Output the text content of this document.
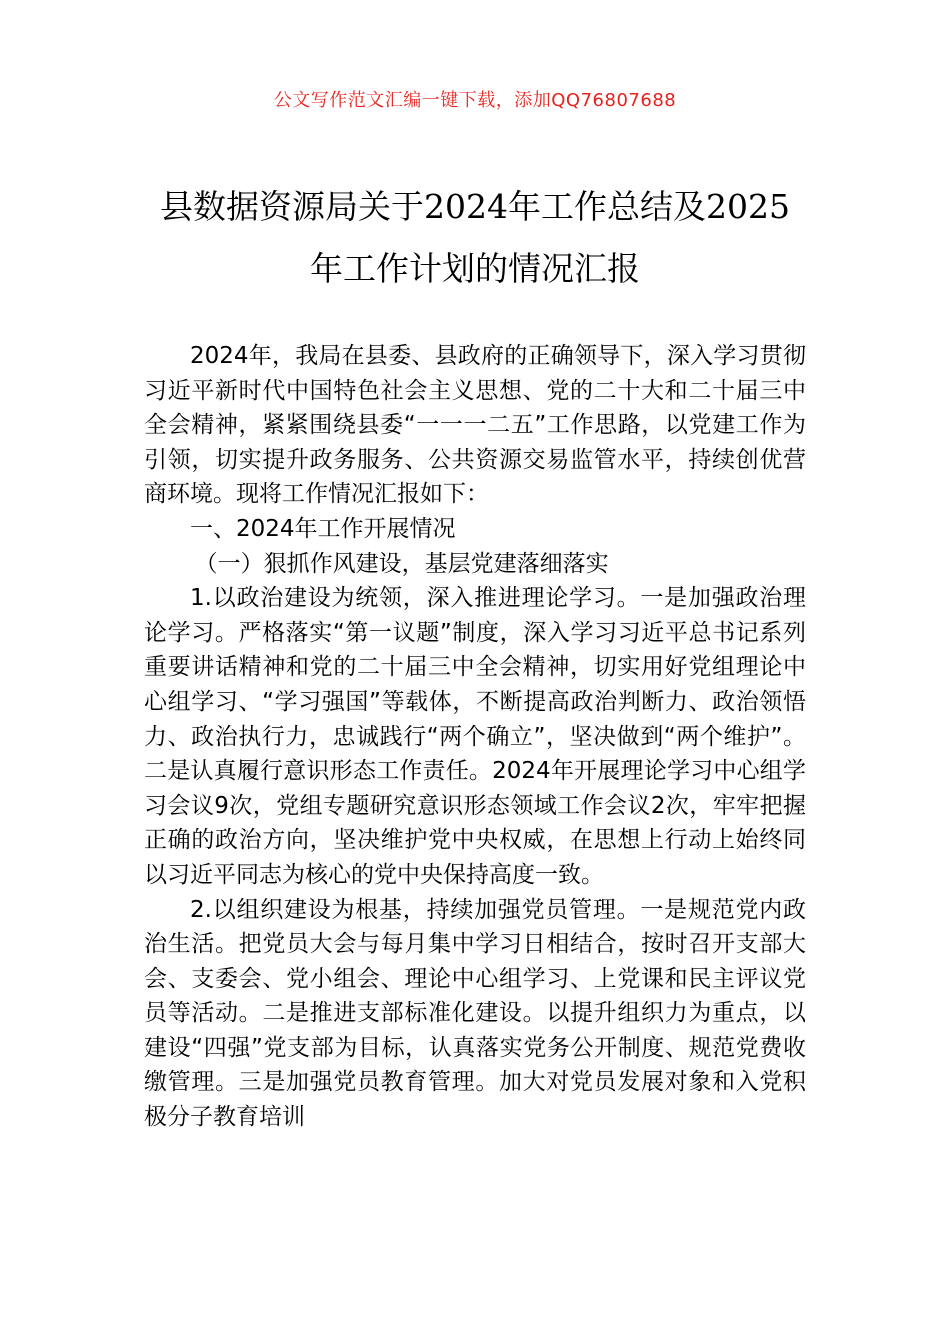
公文写作范文汇编一键下载，添加QQ76807688
县数据资源局关于2024年工作总结及2025
年工作计划的情况汇报

2024年，我局在县委、县政府的正确领导下，深入学习贯彻习近平新时代中国特色社会主义思想、党的二十大和二十届三中全会精神，紧紧围绕县委“一一一二五”工作思路，以党建工作为引领，切实提升政务服务、公共资源交易监管水平，持续创优营商环境。现将工作情况汇报如下：

一、2024年工作开展情况

（一）狠抓作风建设，基层党建落细落实

1.以政治建设为统领，深入推进理论学习。一是加强政治理论学习。严格落实“第一议题”制度，深入学习习近平总书记系列重要讲话精神和党的二十届三中全会精神，切实用好党组理论中心组学习、“学习强国”等载体，不断提高政治判断力、政治领悟力、政治执行力，忠诚践行“两个确立”，坚决做到“两个维护”。二是认真履行意识形态工作责任。2024年开展理论学习中心组学习会议9次，党组专题研究意识形态领域工作会议2次，牢牢把握正确的政治方向，坚决维护党中央权威，在思想上行动上始终同以习近平同志为核心的党中央保持高度一致。

2.以组织建设为根基，持续加强党员管理。一是规范党内政治生活。把党员大会与每月集中学习日相结合，按时召开支部大会、支委会、党小组会、理论中心组学习、上党课和民主评议党员等活动。二是推进支部标准化建设。以提升组织力为重点，以建设“四强”党支部为目标，认真落实党务公开制度、规范党费收缴管理。三是加强党员教育管理。加大对党员发展对象和入党积极分子教育培训
